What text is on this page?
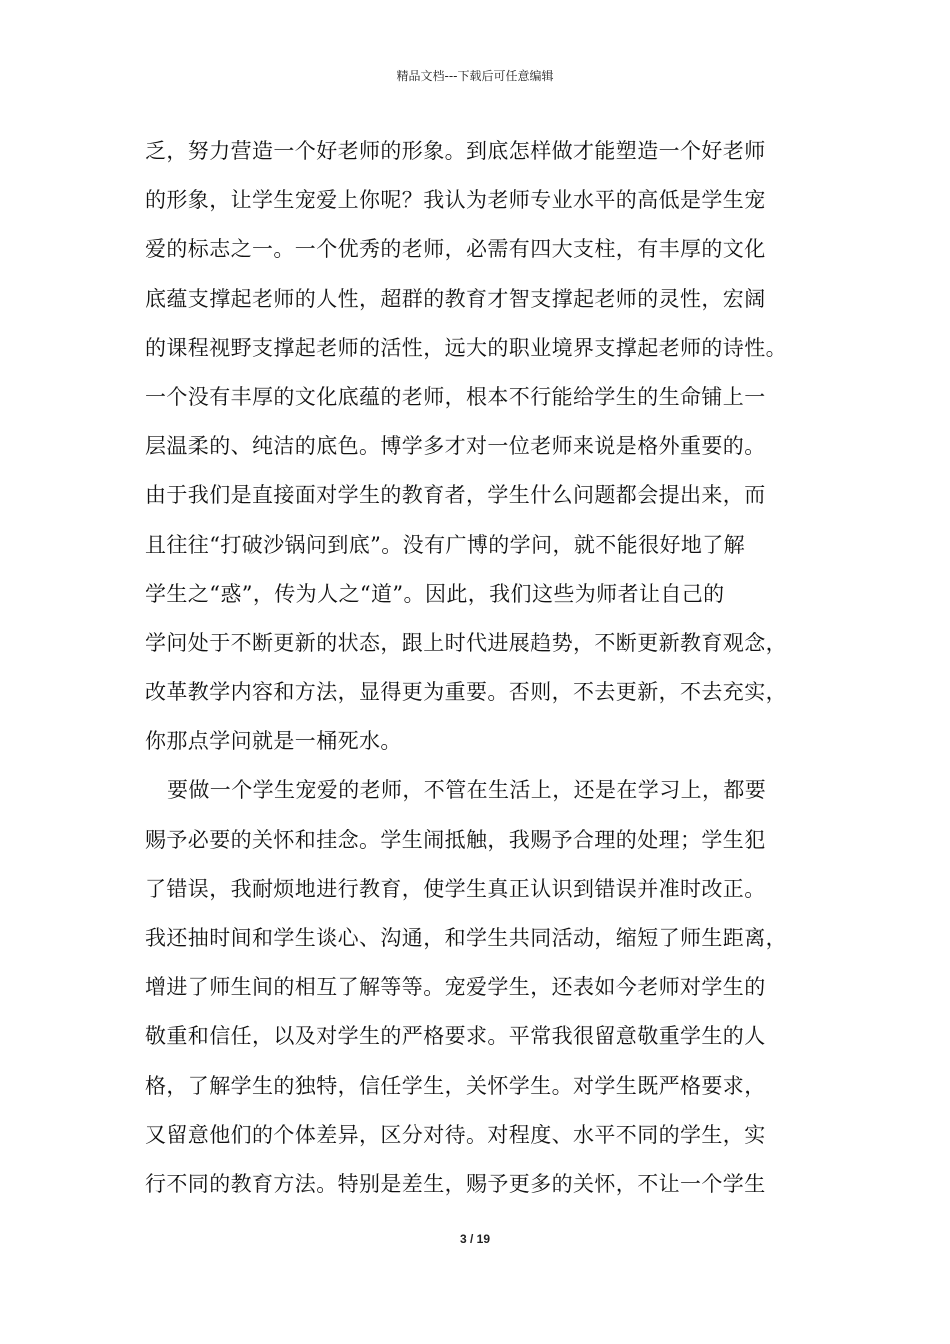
精品文档---下载后可任意编辑
乏，努力营造一个好老师的形象。到底怎样做才能塑造一个好老师
的形象，让学生宠爱上你呢？我认为老师专业水平的高低是学生宠
爱的标志之一。一个优秀的老师，必需有四大支柱，有丰厚的文化
底蕴支撑起老师的人性，超群的教育才智支撑起老师的灵性，宏阔
的课程视野支撑起老师的活性，远大的职业境界支撑起老师的诗性。
一个没有丰厚的文化底蕴的老师，根本不行能给学生的生命铺上一
层温柔的、纯洁的底色。博学多才对一位老师来说是格外重要的。
由于我们是直接面对学生的教育者，学生什么问题都会提出来，而
且往往“打破沙锅问到底”。没有广博的学问，就不能很好地了解
学生之“惑”，传为人之“道”。因此，我们这些为师者让自己的
学问处于不断更新的状态，跟上时代进展趋势，不断更新教育观念，
改革教学内容和方法，显得更为重要。否则，不去更新，不去充实，
你那点学问就是一桶死水。
要做一个学生宠爱的老师，不管在生活上，还是在学习上，都要
赐予必要的关怀和挂念。学生闹抵触，我赐予合理的处理；学生犯
了错误，我耐烦地进行教育，使学生真正认识到错误并准时改正。
我还抽时间和学生谈心、沟通，和学生共同活动，缩短了师生距离，
增进了师生间的相互了解等等。宠爱学生，还表如今老师对学生的
敬重和信任，以及对学生的严格要求。平常我很留意敬重学生的人
格，了解学生的独特，信任学生，关怀学生。对学生既严格要求，
又留意他们的个体差异，区分对待。对程度、水平不同的学生，实
行不同的教育方法。特别是差生，赐予更多的关怀，不让一个学生
3 / 19
